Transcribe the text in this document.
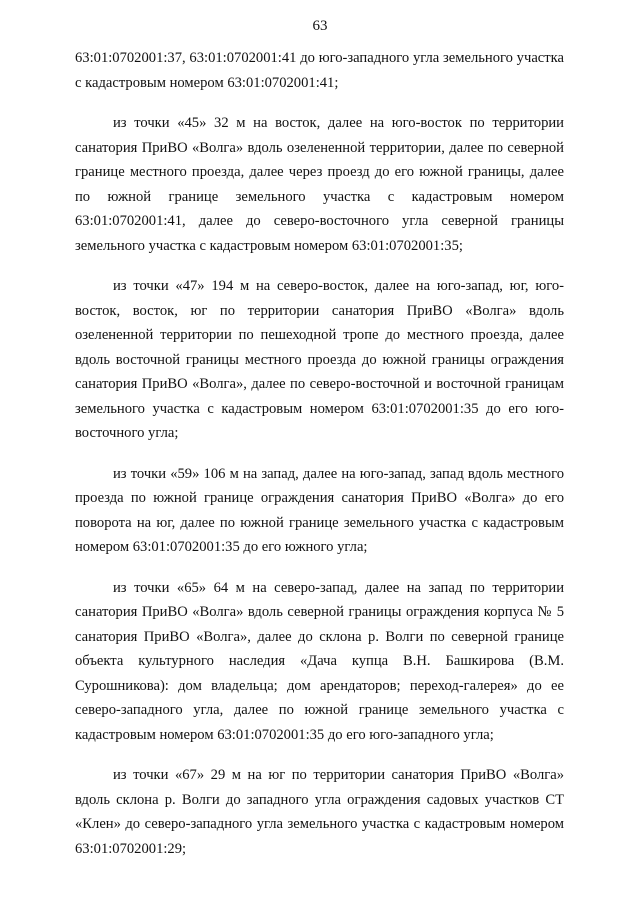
63

63:01:0702001:37, 63:01:0702001:41 до юго-западного угла земельного участка с кадастровым номером 63:01:0702001:41;

из точки «45» 32 м на восток, далее на юго-восток по территории санатория ПриВО «Волга» вдоль озелененной территории, далее по северной границе местного проезда, далее через проезд до его южной границы, далее по южной границе земельного участка с кадастровым номером 63:01:0702001:41, далее до северо-восточного угла северной границы земельного участка с кадастровым номером 63:01:0702001:35;

из точки «47» 194 м на северо-восток, далее на юго-запад, юг, юго-восток, восток, юг по территории санатория ПриВО «Волга» вдоль озелененной территории по пешеходной тропе до местного проезда, далее вдоль восточной границы местного проезда до южной границы ограждения санатория ПриВО «Волга», далее по северо-восточной и восточной границам земельного участка с кадастровым номером 63:01:0702001:35 до его юго-восточного угла;

из точки «59» 106 м на запад, далее на юго-запад, запад вдоль местного проезда по южной границе ограждения санатория ПриВО «Волга» до его поворота на юг, далее по южной границе земельного участка с кадастровым номером 63:01:0702001:35 до его южного угла;

из точки «65» 64 м на северо-запад, далее на запад по территории санатория ПриВО «Волга» вдоль северной границы ограждения корпуса № 5 санатория ПриВО «Волга», далее до склона р. Волги по северной границе объекта культурного наследия «Дача купца В.Н. Башкирова (В.М. Сурошникова): дом владельца; дом арендаторов; переход-галерея» до ее северо-западного угла, далее по южной границе земельного участка с кадастровым номером 63:01:0702001:35 до его юго-западного угла;

из точки «67» 29 м на юг по территории санатория ПриВО «Волга» вдоль склона р. Волги до западного угла ограждения садовых участков СТ «Клен» до северо-западного угла земельного участка с кадастровым номером 63:01:0702001:29;
